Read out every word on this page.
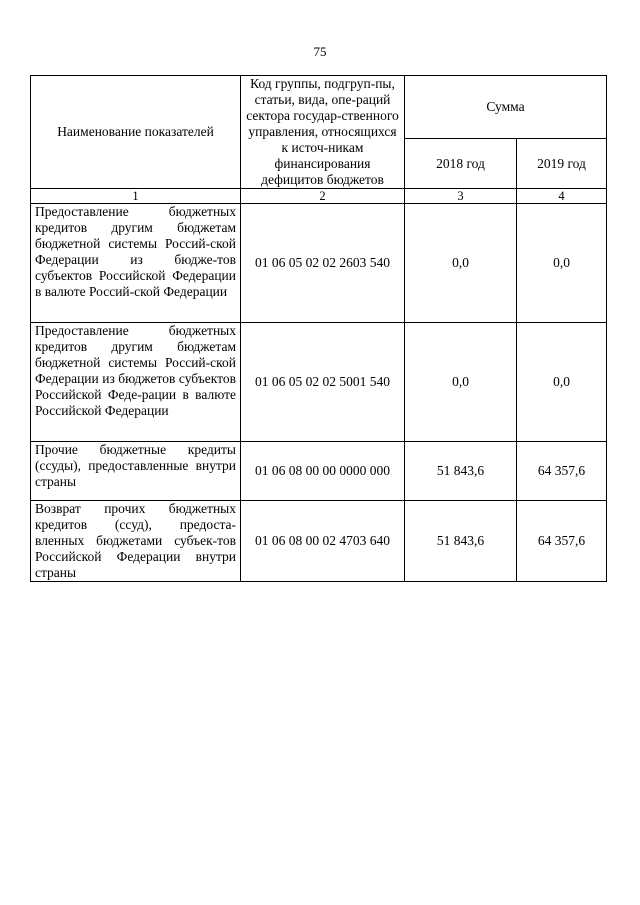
75
Наименование показателей	Код группы, подгруп-пы, статьи, вида, опе-раций сектора государ-ственного управления, относящихся к источ-никам финансирования дефицитов бюджетов	Сумма	
		2018 год	2019 год
1	2	3	4
Предоставление бюджетных кредитов другим бюджетам бюджетной системы Россий-ской Федерации из бюдже-тов субъектов Российской Федерации в валюте Россий-ской Федерации	01 06 05 02 02 2603 540	0,0	0,0
Предоставление бюджетных кредитов другим бюджетам бюджетной системы Россий-ской Федерации из бюджетов субъектов Российской Феде-рации в валюте Российской Федерации	01 06 05 02 02 5001 540	0,0	0,0
Прочие бюджетные кредиты (ссуды), предоставленные внутри страны	01 06 08 00 00 0000 000	51 843,6	64 357,6
Возврат прочих бюджетных кредитов (ссуд), предоста-вленных бюджетами субъек-тов Российской Федерации внутри страны	01 06 08 00 02 4703 640	51 843,6	64 357,6
